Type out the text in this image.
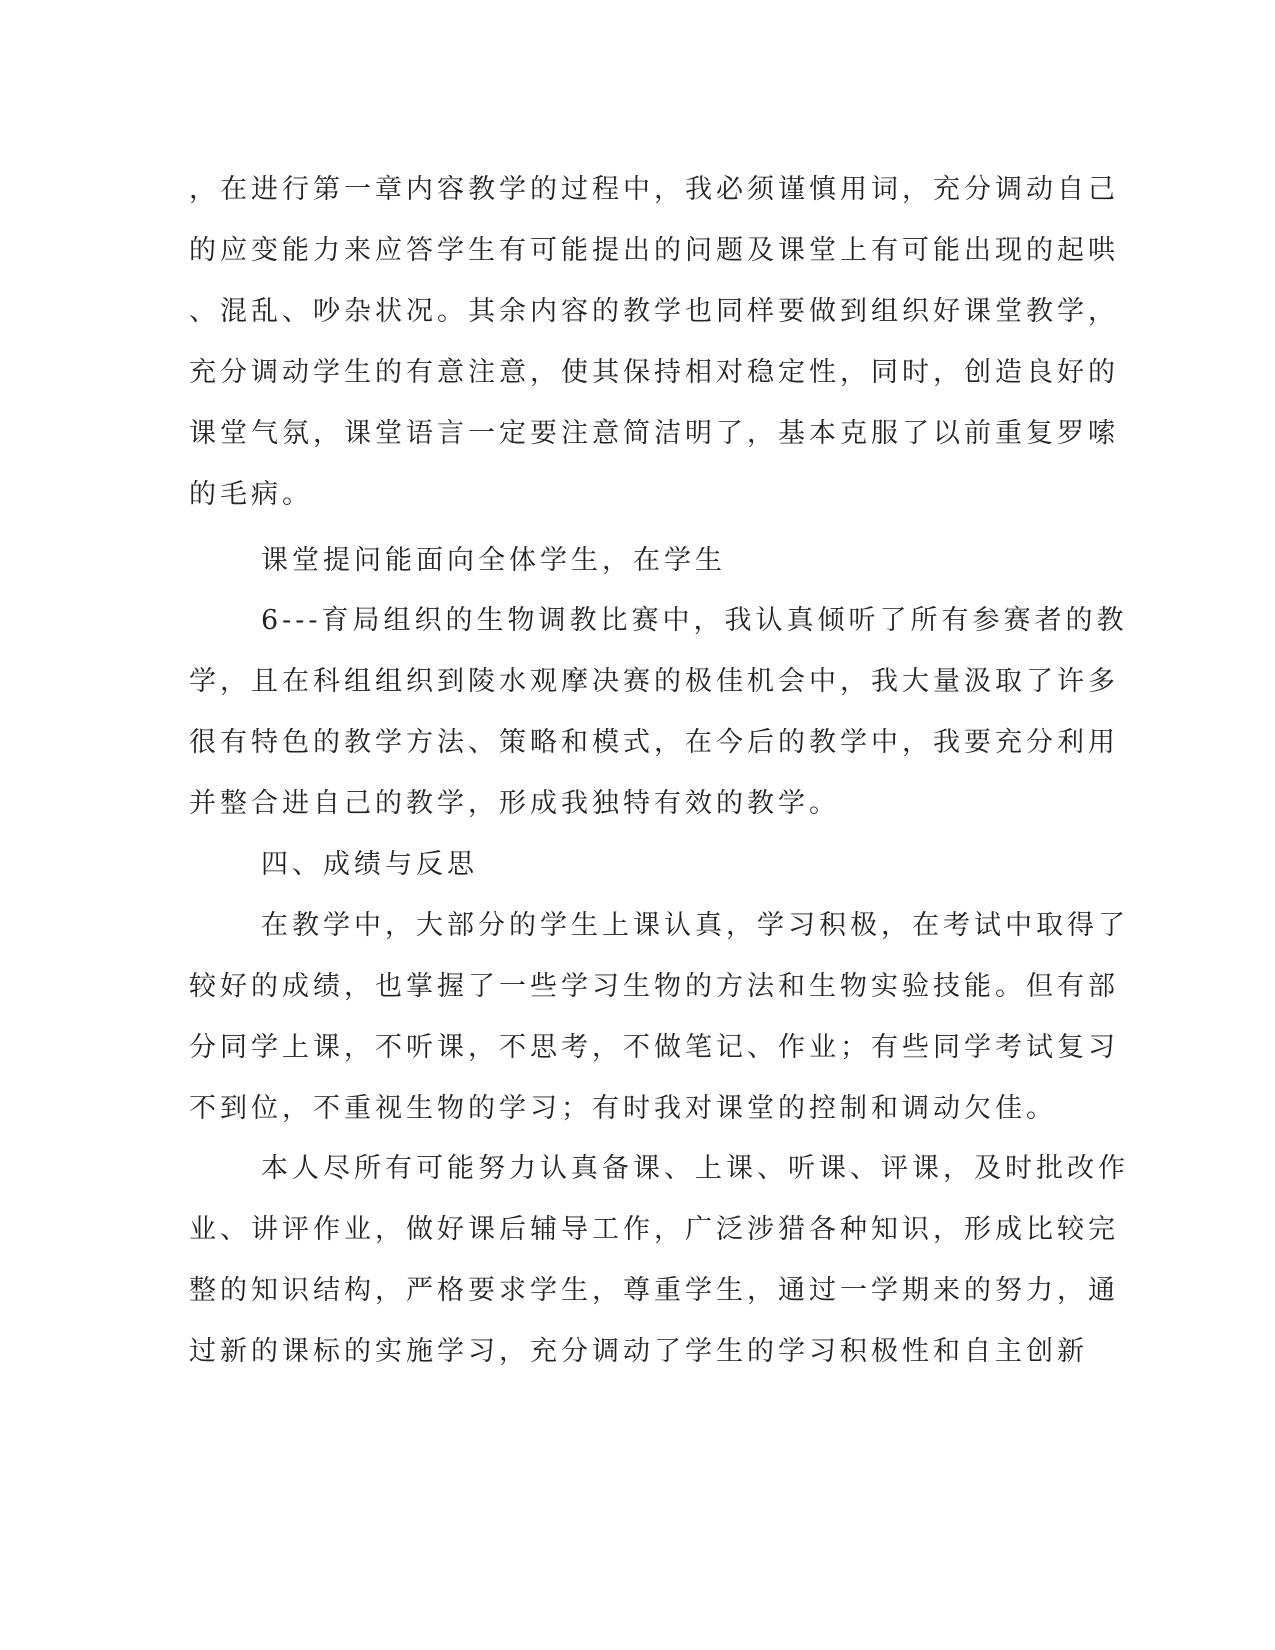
，在进行第一章内容教学的过程中，我必须谨慎用词，充分调动自己
的应变能力来应答学生有可能提出的问题及课堂上有可能出现的起哄
、混乱、吵杂状况。其余内容的教学也同样要做到组织好课堂教学，
充分调动学生的有意注意，使其保持相对稳定性，同时，创造良好的
课堂气氛，课堂语言一定要注意简洁明了，基本克服了以前重复罗嗦
的毛病。
课堂提问能面向全体学生，在学生
6---育局组织的生物调教比赛中，我认真倾听了所有参赛者的教
学，且在科组组织到陵水观摩决赛的极佳机会中，我大量汲取了许多
很有特色的教学方法、策略和模式，在今后的教学中，我要充分利用
并整合进自己的教学，形成我独特有效的教学。
四、成绩与反思
在教学中，大部分的学生上课认真，学习积极，在考试中取得了
较好的成绩，也掌握了一些学习生物的方法和生物实验技能。但有部
分同学上课，不听课，不思考，不做笔记、作业；有些同学考试复习
不到位，不重视生物的学习；有时我对课堂的控制和调动欠佳。
本人尽所有可能努力认真备课、上课、听课、评课，及时批改作
业、讲评作业，做好课后辅导工作，广泛涉猎各种知识，形成比较完
整的知识结构，严格要求学生，尊重学生，通过一学期来的努力，通
过新的课标的实施学习，充分调动了学生的学习积极性和自主创新
